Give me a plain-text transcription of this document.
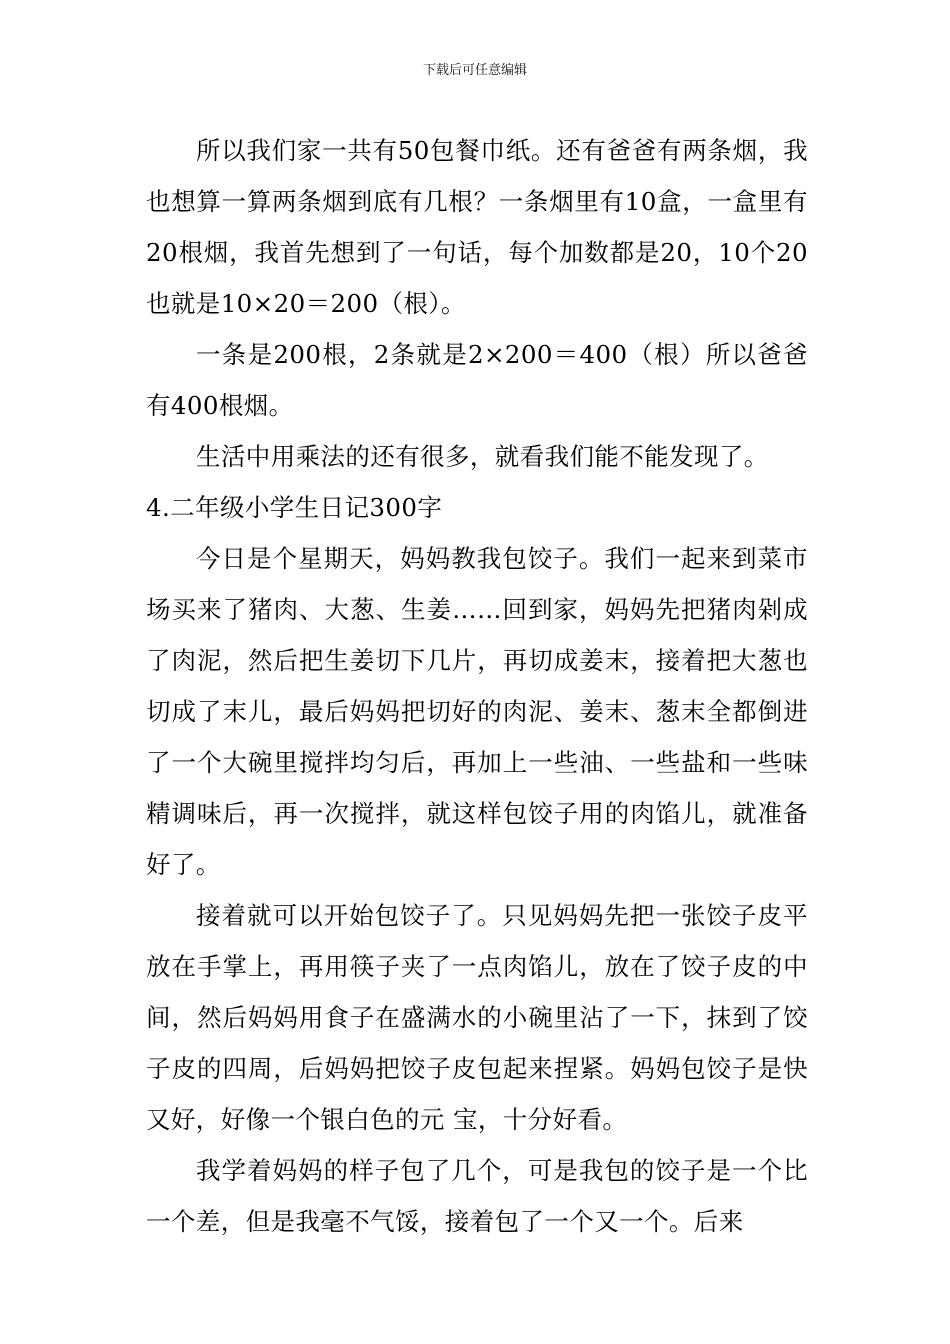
下载后可任意编辑

所以我们家一共有50包餐巾纸。还有爸爸有两条烟，我也想算一算两条烟到底有几根？一条烟里有10盒，一盒里有20根烟，我首先想到了一句话，每个加数都是20，10个20也就是10×20＝200（根）。

一条是200根，2条就是2×200＝400（根）所以爸爸有400根烟。

生活中用乘法的还有很多，就看我们能不能发现了。

4.二年级小学生日记300字

今日是个星期天，妈妈教我包饺子。我们一起来到菜市场买来了猪肉、大葱、生姜……回到家，妈妈先把猪肉剁成了肉泥，然后把生姜切下几片，再切成姜末，接着把大葱也切成了末儿，最后妈妈把切好的肉泥、姜末、葱末全都倒进了一个大碗里搅拌均匀后，再加上一些油、一些盐和一些味精调味后，再一次搅拌，就这样包饺子用的肉馅儿，就准备好了。

接着就可以开始包饺子了。只见妈妈先把一张饺子皮平放在手掌上，再用筷子夹了一点肉馅儿，放在了饺子皮的中间，然后妈妈用食子在盛满水的小碗里沾了一下，抹到了饺子皮的四周，后妈妈把饺子皮包起来捏紧。妈妈包饺子是快又好，好像一个银白色的元 宝，十分好看。

我学着妈妈的样子包了几个，可是我包的饺子是一个比一个差，但是我毫不气馁，接着包了一个又一个。后来
